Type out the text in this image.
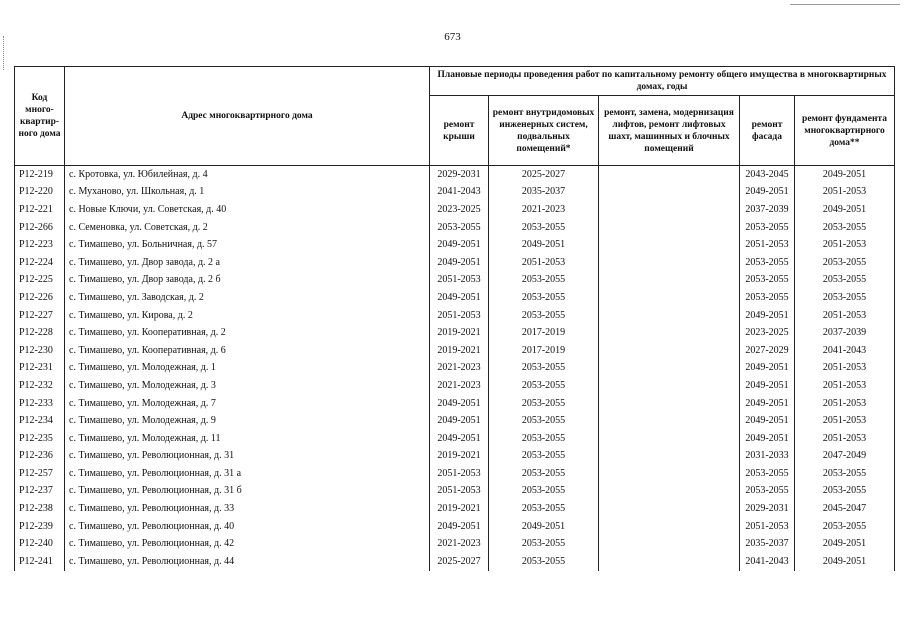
673
Код много-квартир-ного дома	Адрес многоквартирного дома	Плановые периоды проведения работ по капитальному ремонту общего имущества в многоквартирных домах, годы				
		ремонт крыши	ремонт внутридомовых инженерных систем, подвальных помещений*	ремонт, замена, модернизация лифтов, ремонт лифтовых шахт, машинных и блочных помещений	ремонт фасада	ремонт фундамента многоквартирного дома**
Р12-219	с. Кротовка, ул. Юбилейная, д. 4	2029-2031	2025-2027		2043-2045	2049-2051
Р12-220	с. Муханово, ул. Школьная, д. 1	2041-2043	2035-2037		2049-2051	2051-2053
Р12-221	с. Новые Ключи, ул. Советская, д. 40	2023-2025	2021-2023		2037-2039	2049-2051
Р12-266	с. Семеновка, ул. Советская, д. 2	2053-2055	2053-2055		2053-2055	2053-2055
Р12-223	с. Тимашево, ул. Больничная, д. 57	2049-2051	2049-2051		2051-2053	2051-2053
Р12-224	с. Тимашево, ул. Двор завода, д. 2 а	2049-2051	2051-2053		2053-2055	2053-2055
Р12-225	с. Тимашево, ул. Двор завода, д. 2 б	2051-2053	2053-2055		2053-2055	2053-2055
Р12-226	с. Тимашево, ул. Заводская, д. 2	2049-2051	2053-2055		2053-2055	2053-2055
Р12-227	с. Тимашево, ул. Кирова, д. 2	2051-2053	2053-2055		2049-2051	2051-2053
Р12-228	с. Тимашево, ул. Кооперативная, д. 2	2019-2021	2017-2019		2023-2025	2037-2039
Р12-230	с. Тимашево, ул. Кооперативная, д. 6	2019-2021	2017-2019		2027-2029	2041-2043
Р12-231	с. Тимашево, ул. Молодежная, д. 1	2021-2023	2053-2055		2049-2051	2051-2053
Р12-232	с. Тимашево, ул. Молодежная, д. 3	2021-2023	2053-2055		2049-2051	2051-2053
Р12-233	с. Тимашево, ул. Молодежная, д. 7	2049-2051	2053-2055		2049-2051	2051-2053
Р12-234	с. Тимашево, ул. Молодежная, д. 9	2049-2051	2053-2055		2049-2051	2051-2053
Р12-235	с. Тимашево, ул. Молодежная, д. 11	2049-2051	2053-2055		2049-2051	2051-2053
Р12-236	с. Тимашево, ул. Революционная, д. 31	2019-2021	2053-2055		2031-2033	2047-2049
Р12-257	с. Тимашево, ул. Революционная, д. 31 а	2051-2053	2053-2055		2053-2055	2053-2055
Р12-237	с. Тимашево, ул. Революционная, д. 31 б	2051-2053	2053-2055		2053-2055	2053-2055
Р12-238	с. Тимашево, ул. Революционная, д. 33	2019-2021	2053-2055		2029-2031	2045-2047
Р12-239	с. Тимашево, ул. Революционная, д. 40	2049-2051	2049-2051		2051-2053	2053-2055
Р12-240	с. Тимашево, ул. Революционная, д. 42	2021-2023	2053-2055		2035-2037	2049-2051
Р12-241	с. Тимашево, ул. Революционная, д. 44	2025-2027	2053-2055		2041-2043	2049-2051
